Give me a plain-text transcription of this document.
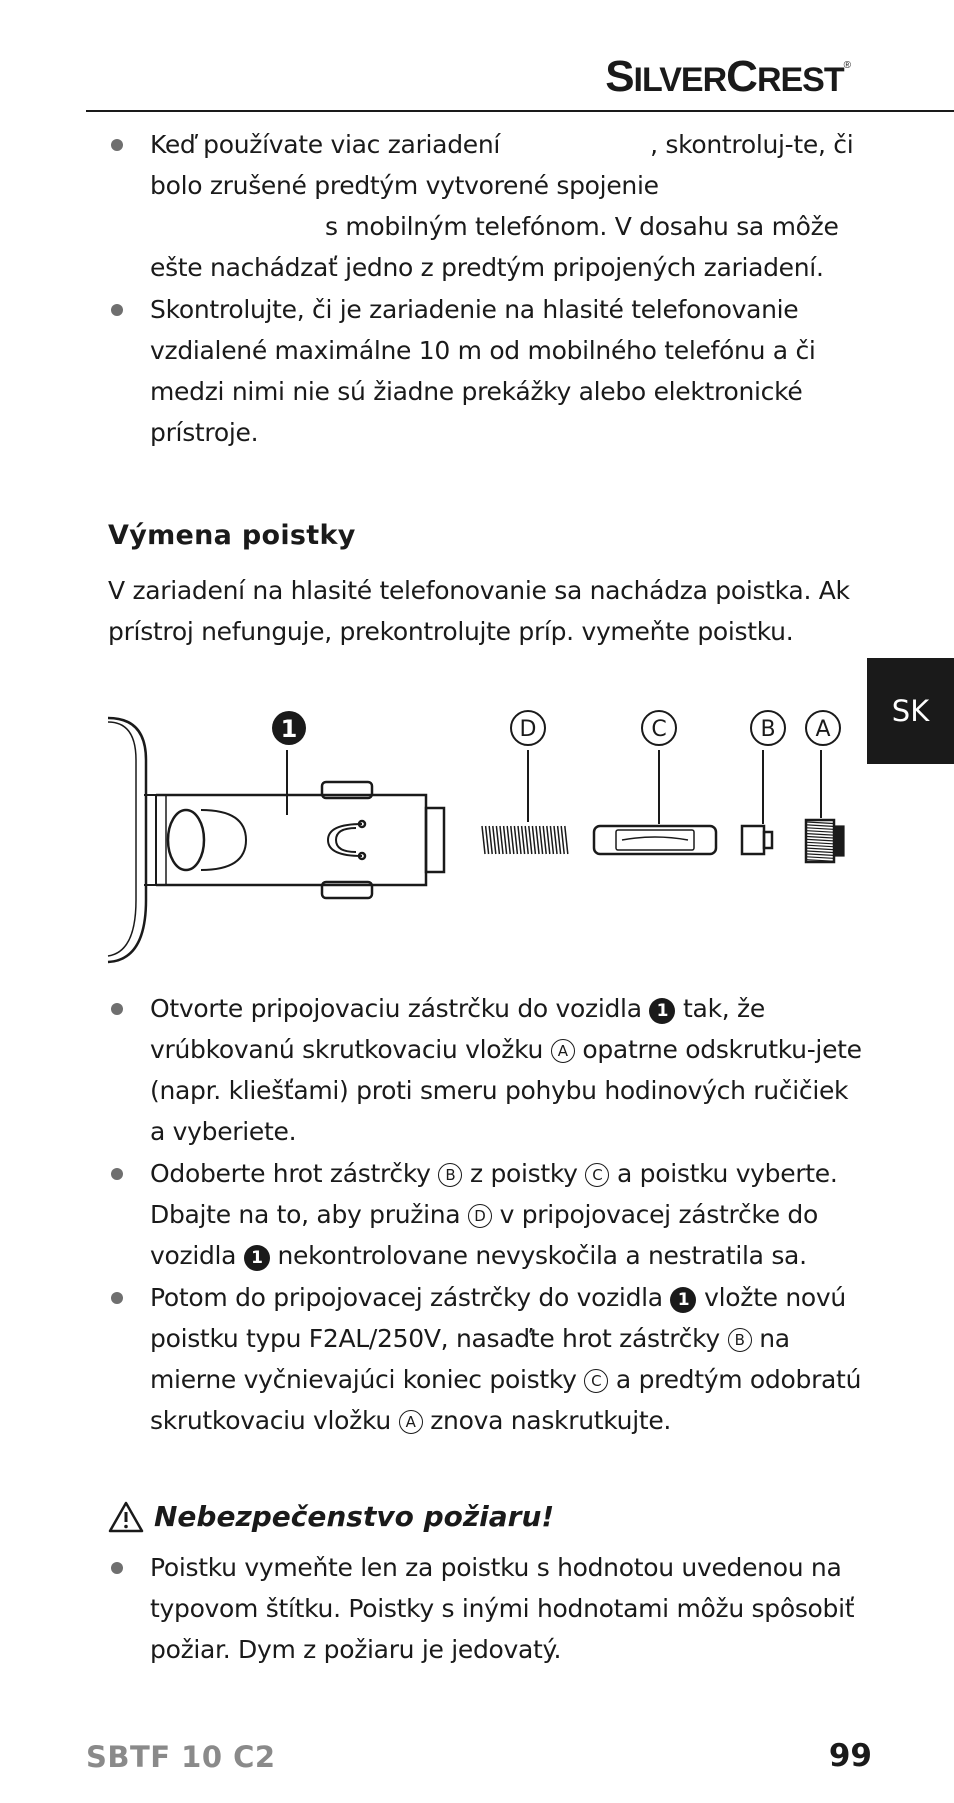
SILVERCREST®
SK
Keď používate viac zariadení	, skontroluj-te, či bolo zrušené predtým vytvorené spojenie
s mobilným telefónom. V dosahu sa môže ešte nachádzať jedno z predtým pripojených zariadení.
Skontrolujte, či je zariadenie na hlasité telefonovanie vzdialené maximálne 10 m od mobilného telefónu a či medzi nimi nie sú žiadne prekážky alebo elektronické prístroje.
Výmena poistky

V zariadení na hlasité telefonovanie sa nachádza poistka. Ak prístroj nefunguje, prekontrolujte príp. vymeňte poistku.

1	D	C	B A
Otvorte pripojovaciu zástrčku do vozidla 1 tak, že vrúbkovanú skrutkovaciu vložku A opatrne odskrutku-jete (napr. kliešťami) proti smeru pohybu hodinových ručičiek a vyberiete.
Odoberte hrot zástrčky B z poistky C a poistku vyberte. Dbajte na to, aby pružina D v pripojovacej zástrčke do vozidla 1 nekontrolovane nevyskočila a nestratila sa.
Potom do pripojovacej zástrčky do vozidla 1 vložte novú poistku typu F2AL/250V, nasaďte hrot zástrčky B na mierne vyčnievajúci koniec poistky C a predtým odobratú skrutkovaciu vložku A znova naskrutkujte.
Nebezpečenstvo požiaru!
Poistku vymeňte len za poistku s hodnotou uvedenou na typovom štítku. Poistky s inými hodnotami môžu spôsobiť požiar. Dym z požiaru je jedovatý.
SBTF 10 C2	99
